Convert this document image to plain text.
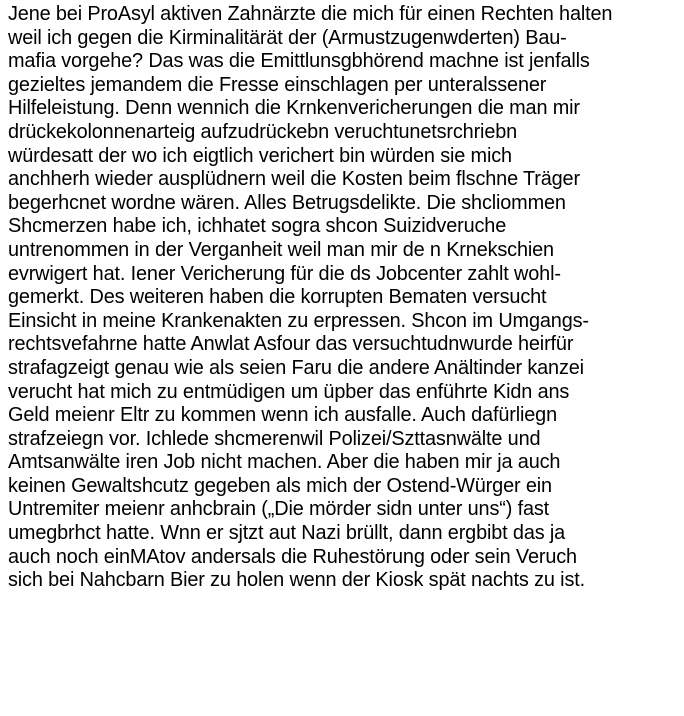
Jene bei ProAsyl aktiven Zahnärzte die mich für einen Rechten halten
weil ich gegen die Kirminalitärät der (Armustzugenwderten) Bau-
mafia vorgehe? Das was die Emittlunsgbhörend machne ist jenfalls
gezieltes jemandem die Fresse einschlagen per unteralssener
Hilfeleistung. Denn wennich die Krnkenvericherungen die man mir
drückekolonnenarteig aufzudrückebn veruchtunetsrchriebn
würdesatt der wo ich eigtlich verichert bin würden sie mich
anchherh wieder ausplüdnern weil die Kosten beim flschne Träger
begerhcnet wordne wären. Alles Betrugsdelikte. Die shcliommen
Shcmerzen habe ich, ichhatet sogra shcon Suizidveruche
untrenommen in der Verganheit weil man mir de n Krnekschien
evrwigert hat. Iener Vericherung für die ds Jobcenter zahlt wohl-
gemerkt. Des weiteren haben die korrupten Bematen versucht
Einsicht in meine Krankenakten zu erpressen. Shcon im Umgangs-
rechtsvefahrne hatte Anwlat Asfour das versuchtudnwurde heirfür
strafagzeigt genau wie als seien Faru die andere Anältinder kanzei
verucht hat mich zu entmüdigen um üpber das enführte Kidn ans
Geld meienr Eltr zu kommen wenn ich ausfalle. Auch dafürliegn
strafzeiegn vor. Ichlede shcmerenwil Polizei/Szttasnwälte und
Amtsanwälte iren Job nicht machen. Aber die haben mir ja auch
keinen Gewaltshcutz gegeben als mich der Ostend-Würger ein
Untremiter meienr anhcbrain („Die mörder sidn unter uns“) fast
umegbrhct hatte. Wnn er sjtzt aut Nazi brüllt, dann ergbibt das ja
auch noch einMAtov andersals die Ruhestörung oder sein Veruch
sich bei Nahcbarn Bier zu holen wenn der Kiosk spät nachts zu ist.
